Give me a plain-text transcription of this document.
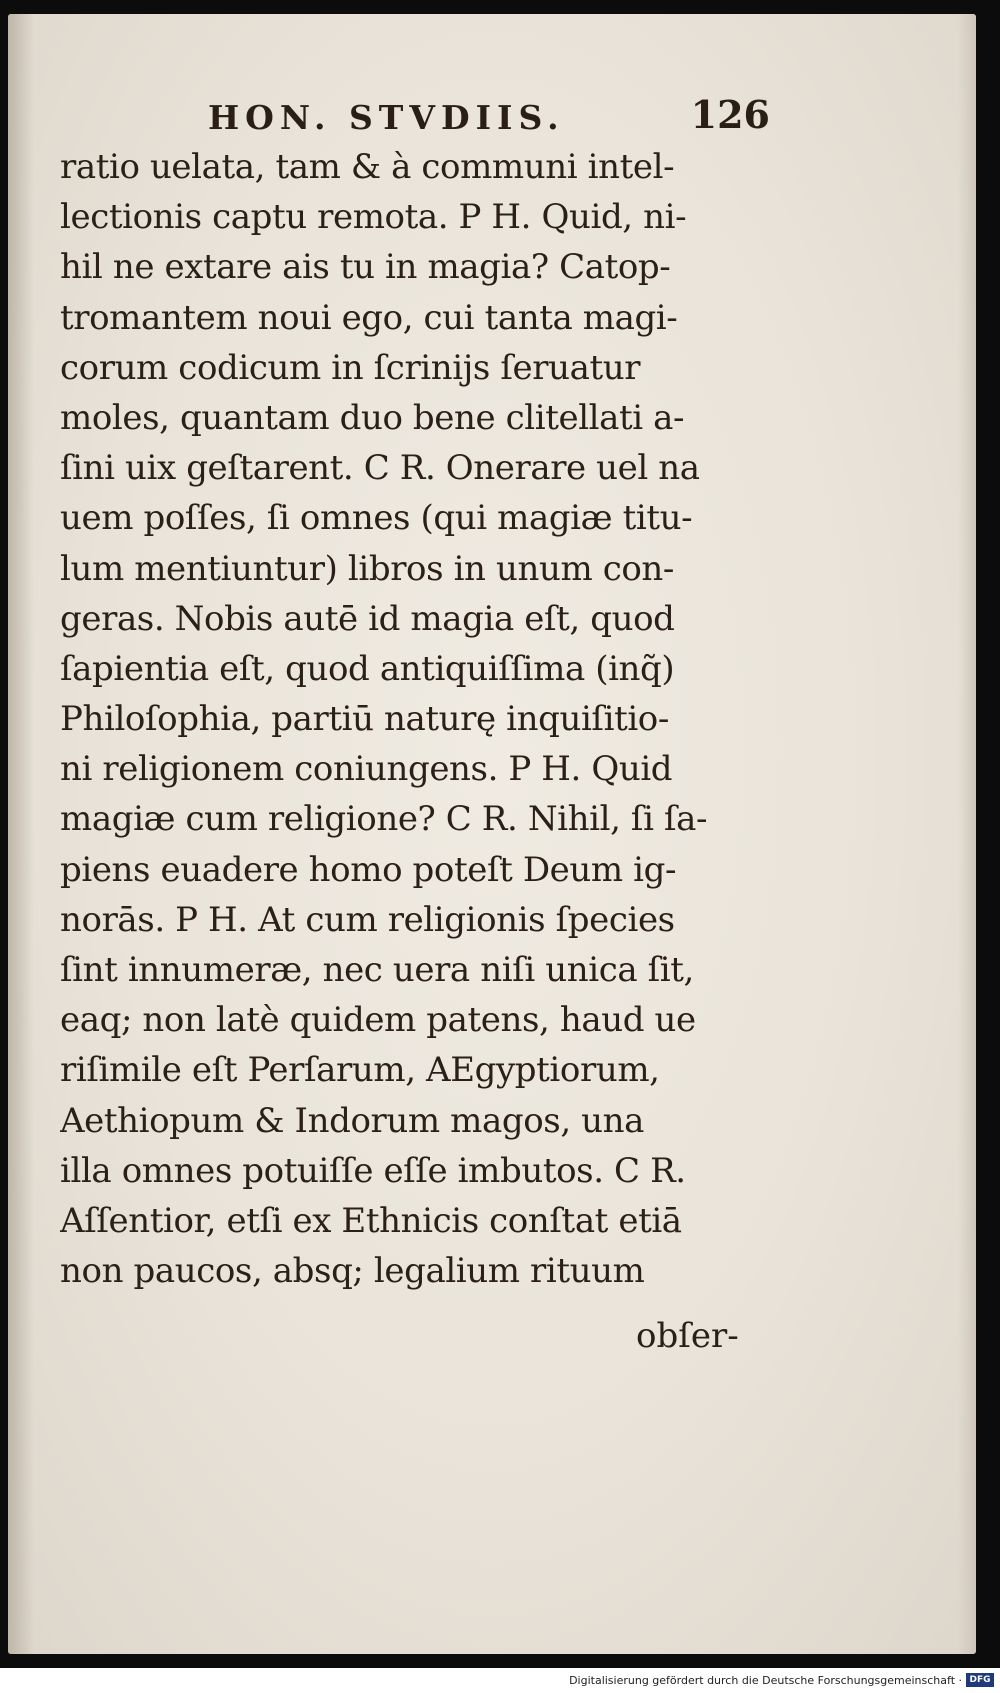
HON. STVDIIS.	126
ratio uelata, tam & à communi intel-
lectionis captu remota. P H. Quid, ni-
hil ne extare ais tu in magia? Catop-
tromantem noui ego, cui tanta magi-
corum codicum in ſcrinijs ſeruatur
moles, quantam duo bene clitellati a-
ſini uix geſtarent. C R. Onerare uel na
uem poſſes, ſi omnes (qui magiæ titu-
lum mentiuntur) libros in unum con-
geras. Nobis autē id magia eſt, quod
ſapientia eſt, quod antiquiſſima (inq̃)
Philoſophia, partiū naturę inquiſitio-
ni religionem coniungens. P H. Quid
magiæ cum religione? C R. Nihil, ſi ſa-
piens euadere homo poteſt Deum ig-
norās. P H. At cum religionis ſpecies
ſint innumeræ, nec uera niſi unica ſit,
eaq; non latè quidem patens, haud ue
riſimile eſt Perſarum, AEgyptiorum,
Aethiopum & Indorum magos, una
illa omnes potuiſſe eſſe imbutos. C R.
Aſſentior, etſi ex Ethnicis conſtat etiā
non paucos, absq; legalium rituum
obſer-
Digitalisierung gefördert durch die Deutsche Forschungsgemeinschaft · DFG
